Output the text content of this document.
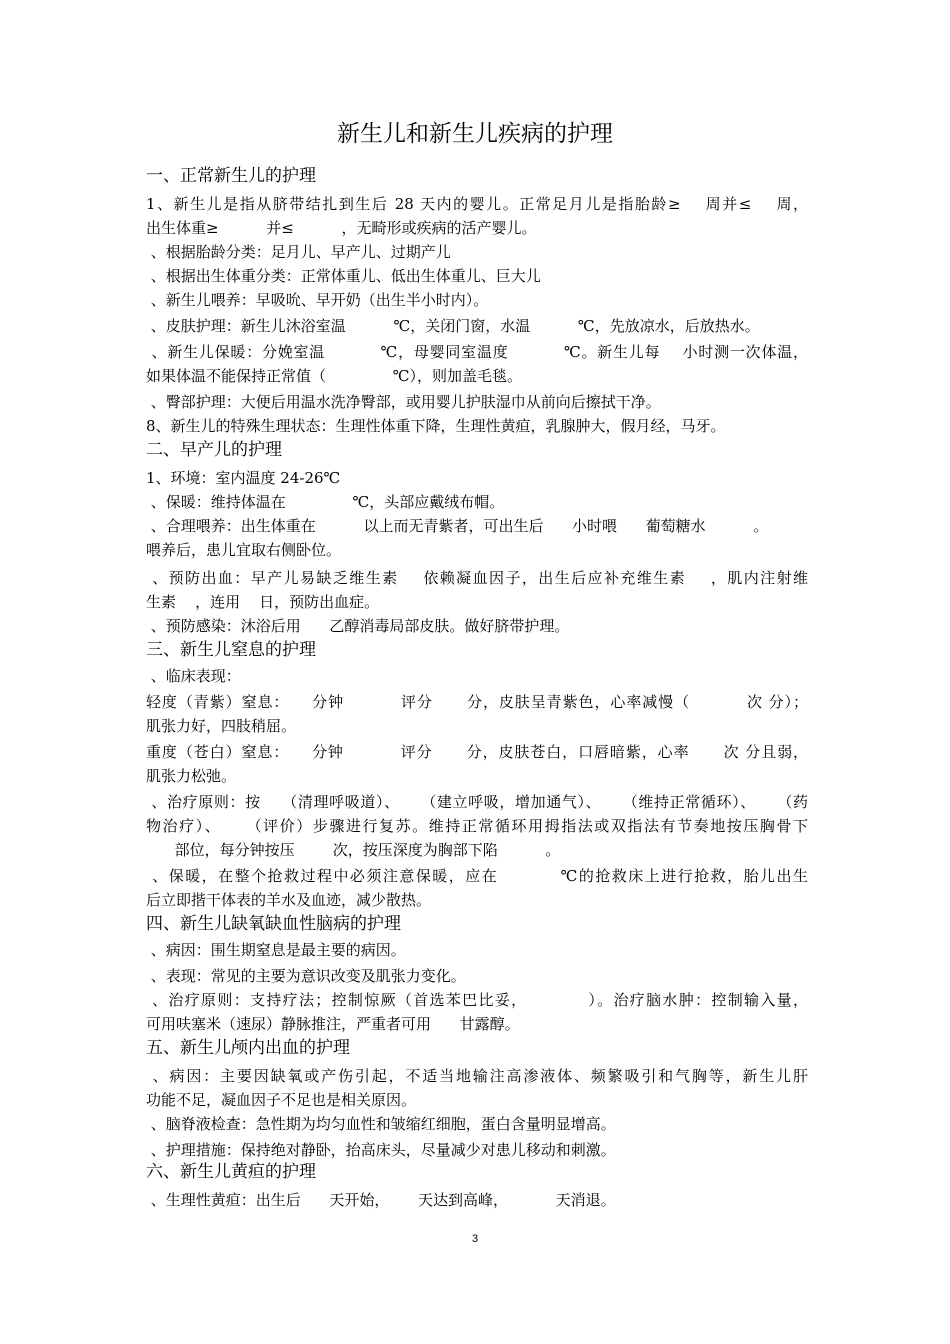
新生儿和新生儿疾病的护理
一、正常新生儿的护理
1、新生儿是指从脐带结扎到生后 28 天内的婴儿。正常足月儿是指胎龄≥    周并≤    周，
出生体重≥          并≤          ，无畸形或疾病的活产婴儿。
、根据胎龄分类：足月儿、早产儿、过期产儿
、根据出生体重分类：正常体重儿、低出生体重儿、巨大儿
、新生儿喂养：早吸吮、早开奶（出生半小时内）。
、皮肤护理：新生儿沐浴室温          ℃，关闭门窗，水温          ℃，先放凉水，后放热水。
、新生儿保暖：分娩室温          ℃，母婴同室温度          ℃。新生儿每    小时测一次体温，
如果体温不能保持正常值（              ℃），则加盖毛毯。
、臀部护理：大便后用温水洗净臀部，或用婴儿护肤湿巾从前向后擦拭干净。
8、新生儿的特殊生理状态：生理性体重下降，生理性黄疸，乳腺肿大，假月经，马牙。
二、早产儿的护理
1、环境：室内温度 24-26℃
、保暖：维持体温在              ℃，头部应戴绒布帽。
、合理喂养：出生体重在          以上而无青紫者，可出生后      小时喂      葡萄糖水          。
喂养后，患儿宜取右侧卧位。
、预防出血：早产儿易缺乏维生素    依赖凝血因子，出生后应补充维生素    ，肌内注射维
生素    ，连用    日，预防出血症。
、预防感染：沐浴后用      乙醇消毒局部皮肤。做好脐带护理。
三、新生儿窒息的护理
、临床表现：
轻度（青紫）窒息：    分钟          评分      分，皮肤呈青紫色，心率减慢（          次 分）；
肌张力好，四肢稍屈。
重度（苍白）窒息：    分钟          评分      分，皮肤苍白，口唇暗紫，心率      次 分且弱，
肌张力松弛。
、治疗原则：按    （清理呼吸道）、    （建立呼吸，增加通气）、    （维持正常循环）、    （药
物治疗）、    （评价）步骤进行复苏。维持正常循环用拇指法或双指法有节奏地按压胸骨下
部位，每分钟按压        次，按压深度为胸部下陷          。
、保暖，在整个抢救过程中必须注意保暖，应在          ℃的抢救床上进行抢救，胎儿出生
后立即揩干体表的羊水及血迹，减少散热。
四、新生儿缺氧缺血性脑病的护理
、病因：围生期窒息是最主要的病因。
、表现：常见的主要为意识改变及肌张力变化。
、治疗原则：支持疗法；控制惊厥（首选苯巴比妥，          ）。治疗脑水肿：控制输入量，
可用呋塞米（速尿）静脉推注，严重者可用      甘露醇。
五、新生儿颅内出血的护理
、病因：主要因缺氧或产伤引起，不适当地输注高渗液体、频繁吸引和气胸等，新生儿肝
功能不足，凝血因子不足也是相关原因。
、脑脊液检查：急性期为均匀血性和皱缩红细胞，蛋白含量明显增高。
、护理措施：保持绝对静卧，抬高床头，尽量减少对患儿移动和刺激。
六、新生儿黄疸的护理
、生理性黄疸：出生后      天开始，      天达到高峰，          天消退。
3
